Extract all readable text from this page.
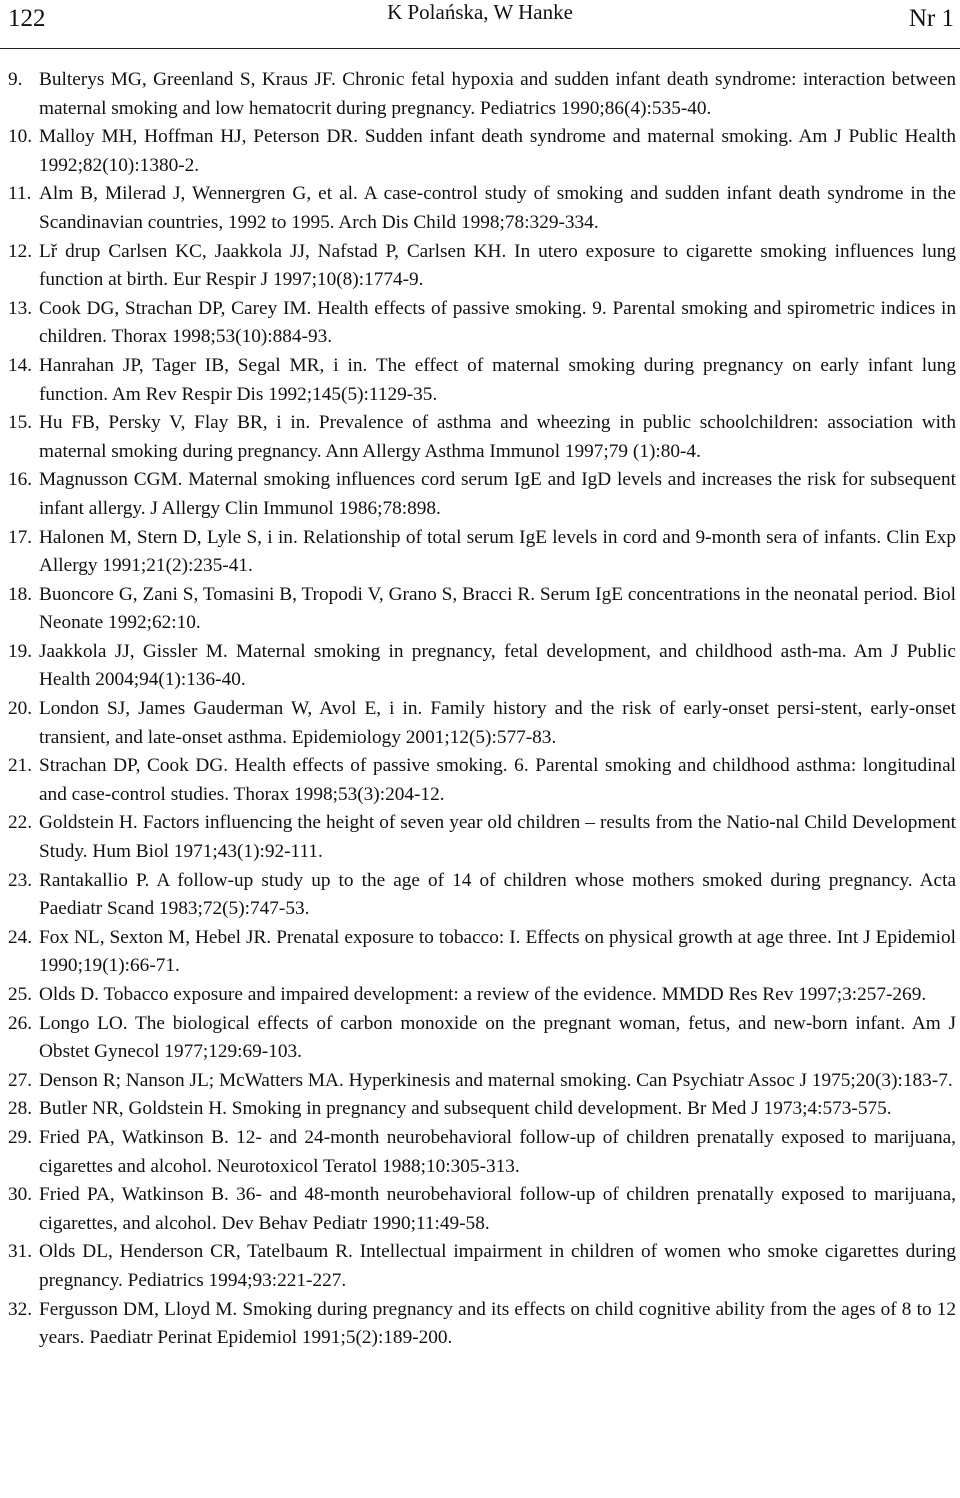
122	K Polańska, W Hanke	Nr 1

9. Bulterys MG, Greenland S, Kraus JF. Chronic fetal hypoxia and sudden infant death syndrome: interaction between maternal smoking and low hematocrit during pregnancy. Pediatrics 1990;86(4):535-40.

10. Malloy MH, Hoffman HJ, Peterson DR. Sudden infant death syndrome and maternal smoking. Am J Public Health 1992;82(10):1380-2.

11. Alm B, Milerad J, Wennergren G, et al. A case-control study of smoking and sudden infant death syndrome in the Scandinavian countries, 1992 to 1995. Arch Dis Child 1998;78:329-334.

12. Lř drup Carlsen KC, Jaakkola JJ, Nafstad P, Carlsen KH. In utero exposure to cigarette smoking influences lung function at birth. Eur Respir J 1997;10(8):1774-9.

13. Cook DG, Strachan DP, Carey IM. Health effects of passive smoking. 9. Parental smoking and spirometric indices in children. Thorax 1998;53(10):884-93.

14. Hanrahan JP, Tager IB, Segal MR, i in. The effect of maternal smoking during pregnancy on early infant lung function. Am Rev Respir Dis 1992;145(5):1129-35.

15. Hu FB, Persky V, Flay BR, i in. Prevalence of asthma and wheezing in public schoolchildren: association with maternal smoking during pregnancy. Ann Allergy Asthma Immunol 1997;79 (1):80-4.

16. Magnusson CGM. Maternal smoking influences cord serum IgE and IgD levels and increases the risk for subsequent infant allergy. J Allergy Clin Immunol 1986;78:898.

17. Halonen M, Stern D, Lyle S, i in. Relationship of total serum IgE levels in cord and 9-month sera of infants. Clin Exp Allergy 1991;21(2):235-41.

18. Buoncore G, Zani S, Tomasini B, Tropodi V, Grano S, Bracci R. Serum IgE concentrations in the neonatal period. Biol Neonate 1992;62:10.

19. Jaakkola JJ, Gissler M. Maternal smoking in pregnancy, fetal development, and childhood asth-ma. Am J Public Health 2004;94(1):136-40.

20. London SJ, James Gauderman W, Avol E, i in. Family history and the risk of early-onset persi-stent, early-onset transient, and late-onset asthma. Epidemiology 2001;12(5):577-83.

21. Strachan DP, Cook DG. Health effects of passive smoking. 6. Parental smoking and childhood asthma: longitudinal and case-control studies. Thorax 1998;53(3):204-12.

22. Goldstein H. Factors influencing the height of seven year old children – results from the Natio-nal Child Development Study. Hum Biol 1971;43(1):92-111.

23. Rantakallio P. A follow-up study up to the age of 14 of children whose mothers smoked during pregnancy. Acta Paediatr Scand 1983;72(5):747-53.

24. Fox NL, Sexton M, Hebel JR. Prenatal exposure to tobacco: I. Effects on physical growth at age three. Int J Epidemiol 1990;19(1):66-71.

25. Olds D. Tobacco exposure and impaired development: a review of the evidence. MMDD Res Rev 1997;3:257-269.

26. Longo LO. The biological effects of carbon monoxide on the pregnant woman, fetus, and new-born infant. Am J Obstet Gynecol 1977;129:69-103.

27. Denson R; Nanson JL; McWatters MA. Hyperkinesis and maternal smoking. Can Psychiatr Assoc J 1975;20(3):183-7.

28. Butler NR, Goldstein H. Smoking in pregnancy and subsequent child development. Br Med J 1973;4:573-575.

29. Fried PA, Watkinson B. 12- and 24-month neurobehavioral follow-up of children prenatally exposed to marijuana, cigarettes and alcohol. Neurotoxicol Teratol 1988;10:305-313.

30. Fried PA, Watkinson B. 36- and 48-month neurobehavioral follow-up of children prenatally exposed to marijuana, cigarettes, and alcohol. Dev Behav Pediatr 1990;11:49-58.

31. Olds DL, Henderson CR, Tatelbaum R. Intellectual impairment in children of women who smoke cigarettes during pregnancy. Pediatrics 1994;93:221-227.

32. Fergusson DM, Lloyd M. Smoking during pregnancy and its effects on child cognitive ability from the ages of 8 to 12 years. Paediatr Perinat Epidemiol 1991;5(2):189-200.
